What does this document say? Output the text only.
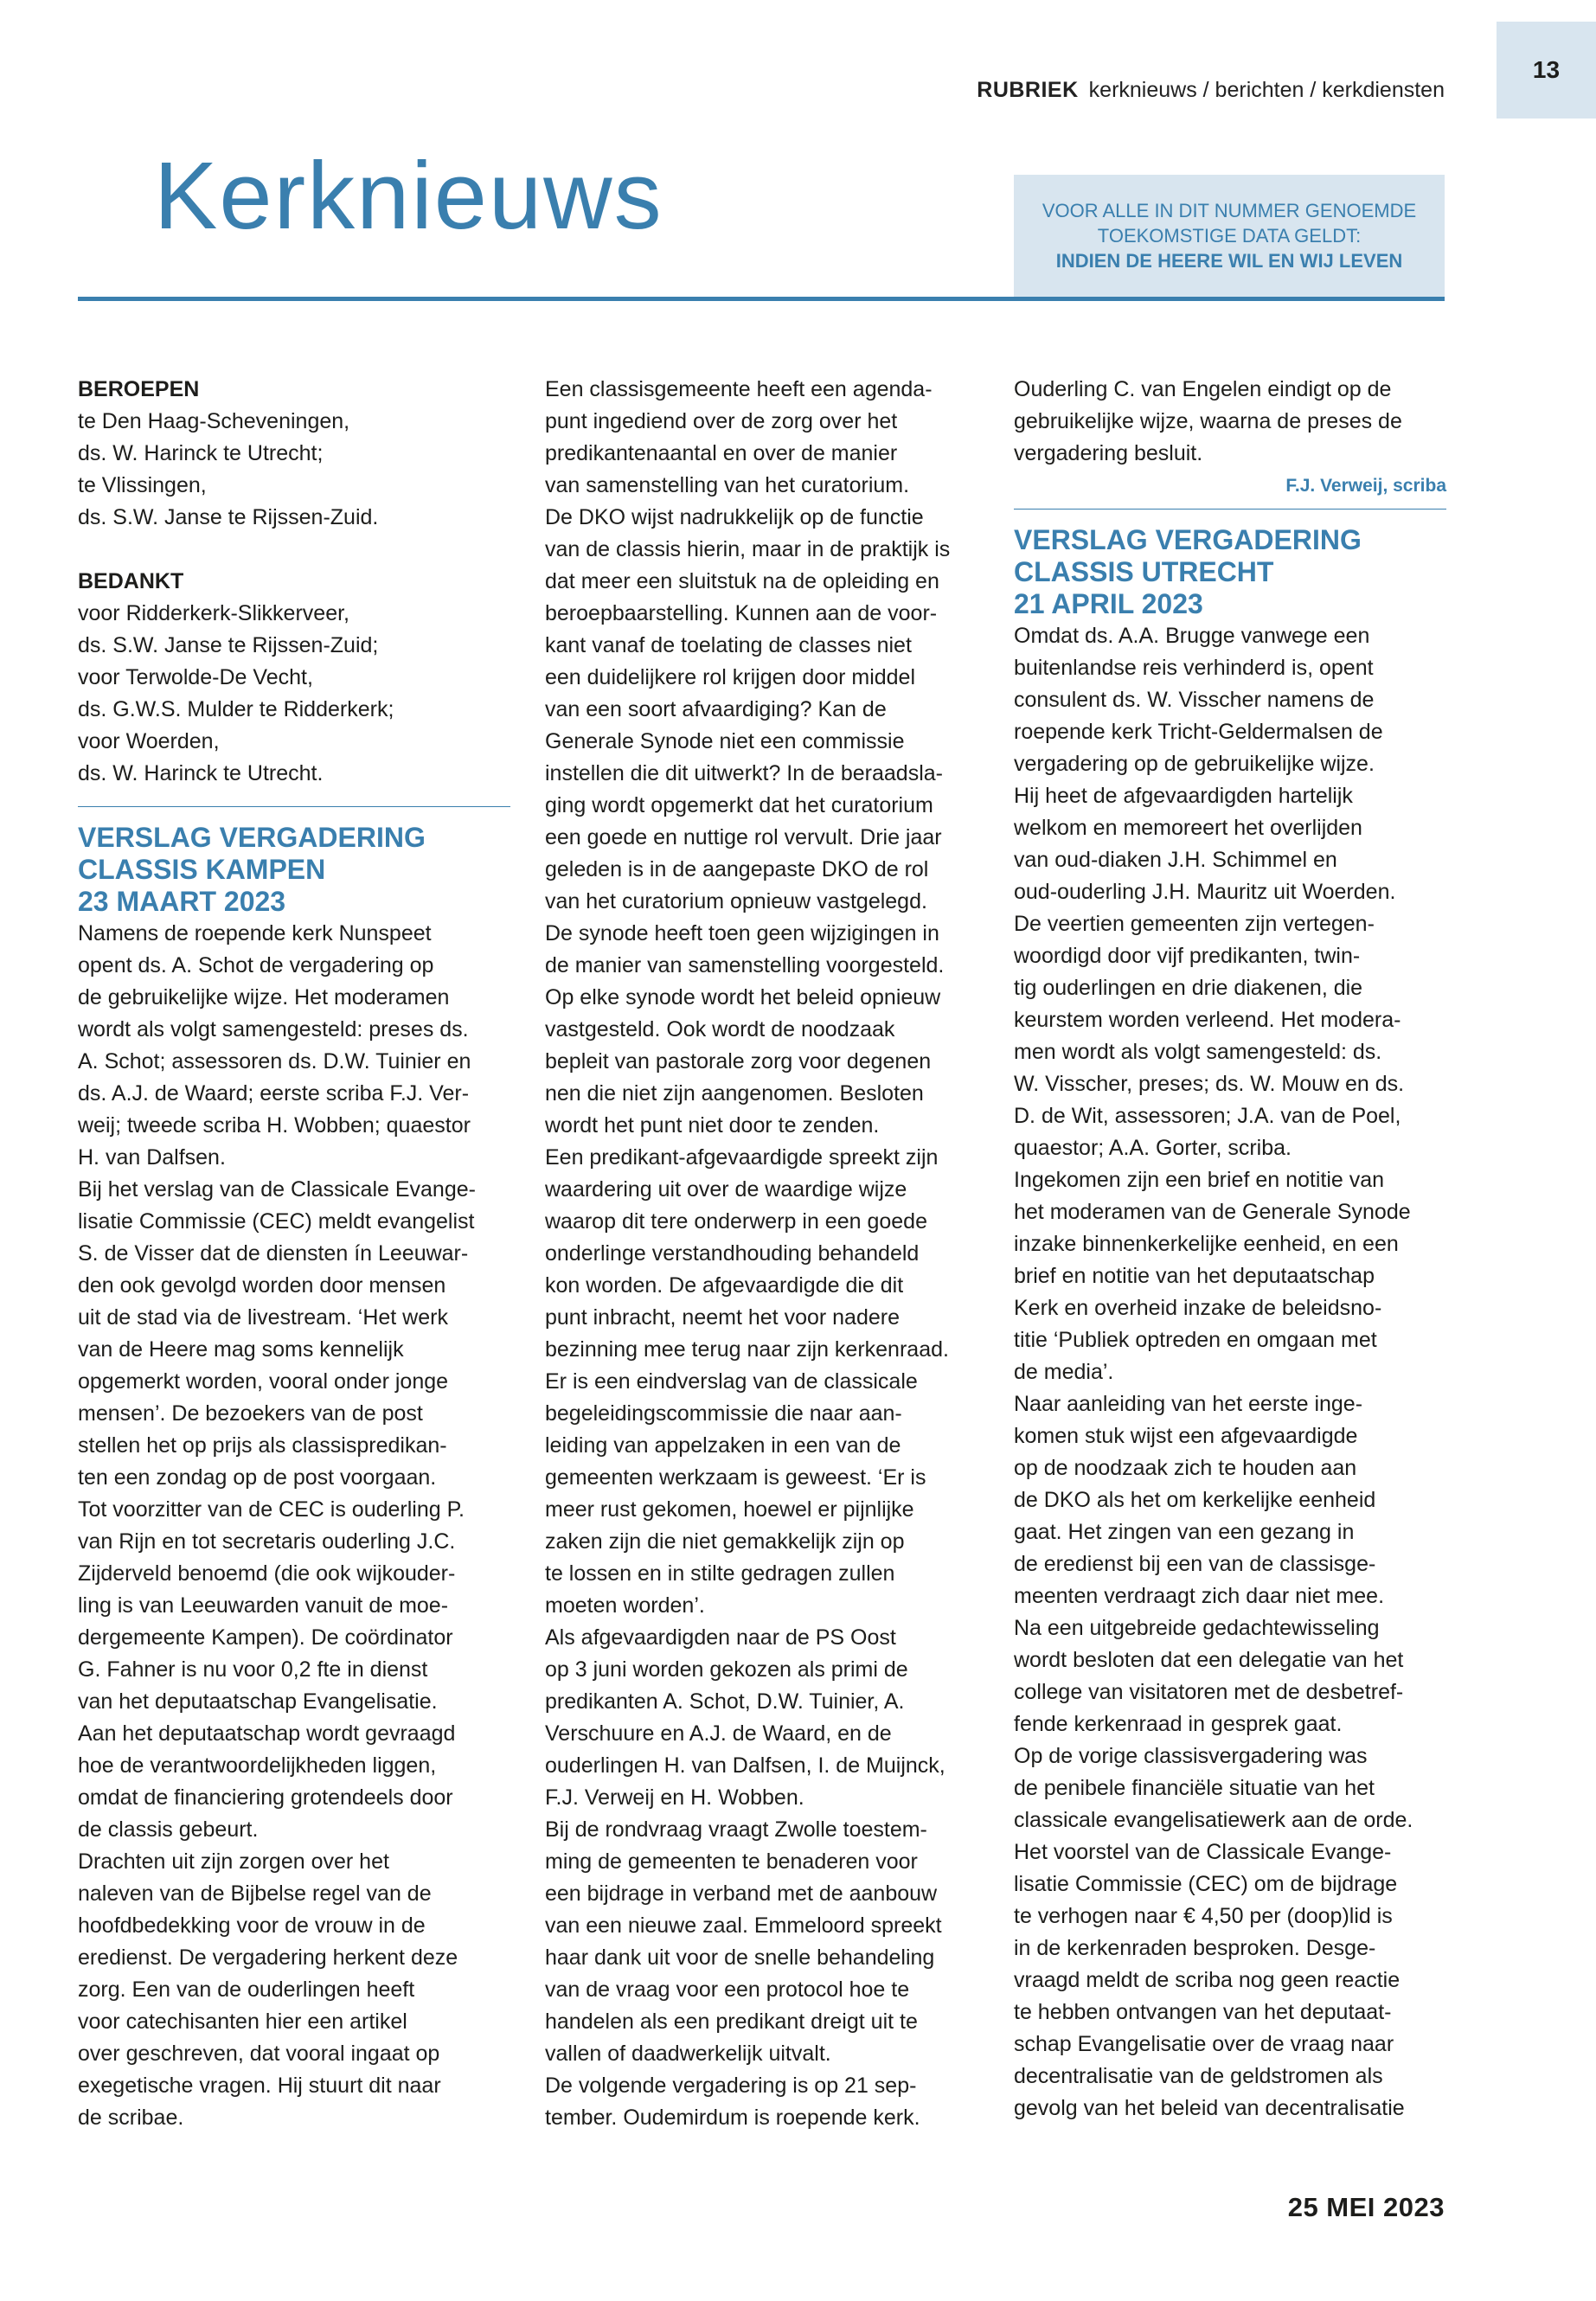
RUBRIEK kerknieuws / berichten / kerkdiensten
13
Kerknieuws	VOOR ALLE IN DIT NUMMER GENOEMDE
TOEKOMSTIGE DATA GELDT:
INDIEN DE HEERE WIL EN WIJ LEVEN

BEROEPEN

te Den Haag-Scheveningen,

ds. W. Harinck te Utrecht;

te Vlissingen,

ds. S.W. Janse te Rijssen-Zuid.

BEDANKT

voor Ridderkerk-Slikkerveer,

ds. S.W. Janse te Rijssen-Zuid;

voor Terwolde-De Vecht,

ds. G.W.S. Mulder te Ridderkerk;

voor Woerden,

ds. W. Harinck te Utrecht.

VERSLAG VERGADERING

CLASSIS KAMPEN

23 MAART 2023

Namens de roepende kerk Nunspeet

opent ds. A. Schot de vergadering op

de gebruikelijke wijze. Het moderamen

wordt als volgt samengesteld: preses ds.

A. Schot; assessoren ds. D.W. Tuinier en

ds. A.J. de Waard; eerste scriba F.J. Ver-

weij; tweede scriba H. Wobben; quaestor

H. van Dalfsen.

Bij het verslag van de Classicale Evange-

lisatie Commissie (CEC) meldt evangelist

S. de Visser dat de diensten ín Leeuwar-

den ook gevolgd worden door mensen

uit de stad via de livestream. ‘Het werk

van de Heere mag soms kennelijk

opgemerkt worden, vooral onder jonge

mensen’. De bezoekers van de post

stellen het op prijs als classispredikan-

ten een zondag op de post voorgaan.

Tot voorzitter van de CEC is ouderling P.

van Rijn en tot secretaris ouderling J.C.

Zijderveld benoemd (die ook wijkouder-

ling is van Leeuwarden vanuit de moe-

dergemeente Kampen). De coördinator

G. Fahner is nu voor 0,2 fte in dienst

van het deputaatschap Evangelisatie.

Aan het deputaatschap wordt gevraagd

hoe de verantwoordelijkheden liggen,

omdat de financiering grotendeels door

de classis gebeurt.

Drachten uit zijn zorgen over het

naleven van de Bijbelse regel van de

hoofdbedekking voor de vrouw in de

eredienst. De vergadering herkent deze

zorg. Een van de ouderlingen heeft

voor catechisanten hier een artikel

over geschreven, dat vooral ingaat op

exegetische vragen. Hij stuurt dit naar

de scribae.

Een classisgemeente heeft een agenda-

punt ingediend over de zorg over het

predikantenaantal en over de manier

van samenstelling van het curatorium.

De DKO wijst nadrukkelijk op de functie

van de classis hierin, maar in de praktijk is

dat meer een sluitstuk na de opleiding en

beroepbaarstelling. Kunnen aan de voor-

kant vanaf de toelating de classes niet

een duidelijkere rol krijgen door middel

van een soort afvaardiging? Kan de

Generale Synode niet een commissie

instellen die dit uitwerkt? In de beraadsla-

ging wordt opgemerkt dat het curatorium

een goede en nuttige rol vervult. Drie jaar

geleden is in de aangepaste DKO de rol

van het curatorium opnieuw vastgelegd.

De synode heeft toen geen wijzigingen in

de manier van samenstelling voorgesteld.

Op elke synode wordt het beleid opnieuw

vastgesteld. Ook wordt de noodzaak

bepleit van pastorale zorg voor degenen

nen die niet zijn aangenomen. Besloten

wordt het punt niet door te zenden.

Een predikant-afgevaardigde spreekt zijn

waardering uit over de waardige wijze

waarop dit tere onderwerp in een goede

onderlinge verstandhouding behandeld

kon worden. De afgevaardigde die dit

punt inbracht, neemt het voor nadere

bezinning mee terug naar zijn kerkenraad.

Er is een eindverslag van de classicale

begeleidingscommissie die naar aan-

leiding van appelzaken in een van de

gemeenten werkzaam is geweest. ‘Er is

meer rust gekomen, hoewel er pijnlijke

zaken zijn die niet gemakkelijk zijn op

te lossen en in stilte gedragen zullen

moeten worden’.

Als afgevaardigden naar de PS Oost

op 3 juni worden gekozen als primi de

predikanten A. Schot, D.W. Tuinier, A.

Verschuure en A.J. de Waard, en de

ouderlingen H. van Dalfsen, I. de Muijnck,

F.J. Verweij en H. Wobben.

Bij de rondvraag vraagt Zwolle toestem-

ming de gemeenten te benaderen voor

een bijdrage in verband met de aanbouw

van een nieuwe zaal. Emmeloord spreekt

haar dank uit voor de snelle behandeling

van de vraag voor een protocol hoe te

handelen als een predikant dreigt uit te

vallen of daadwerkelijk uitvalt.

De volgende vergadering is op 21 sep-

tember. Oudemirdum is roepende kerk.

Ouderling C. van Engelen eindigt op de

gebruikelijke wijze, waarna de preses de

vergadering besluit.

F.J. Verweij, scriba

VERSLAG VERGADERING

CLASSIS UTRECHT

21 APRIL 2023

Omdat ds. A.A. Brugge vanwege een

buitenlandse reis verhinderd is, opent

consulent ds. W. Visscher namens de

roepende kerk Tricht-Geldermalsen de

vergadering op de gebruikelijke wijze.

Hij heet de afgevaardigden hartelijk

welkom en memoreert het overlijden

van oud-diaken J.H. Schimmel en

oud-ouderling J.H. Mauritz uit Woerden.

De veertien gemeenten zijn vertegen-

woordigd door vijf predikanten, twin-

tig ouderlingen en drie diakenen, die

keurstem worden verleend. Het modera-

men wordt als volgt samengesteld: ds.

W. Visscher, preses; ds. W. Mouw en ds.

D. de Wit, assessoren; J.A. van de Poel,

quaestor; A.A. Gorter, scriba.

Ingekomen zijn een brief en notitie van

het moderamen van de Generale Synode

inzake binnenkerkelijke eenheid, en een

brief en notitie van het deputaatschap

Kerk en overheid inzake de beleidsno-

titie ‘Publiek optreden en omgaan met

de media’.

Naar aanleiding van het eerste inge-

komen stuk wijst een afgevaardigde

op de noodzaak zich te houden aan

de DKO als het om kerkelijke eenheid

gaat. Het zingen van een gezang in

de eredienst bij een van de classisge-

meenten verdraagt zich daar niet mee.

Na een uitgebreide gedachtewisseling

wordt besloten dat een delegatie van het

college van visitatoren met de desbetref-

fende kerkenraad in gesprek gaat.

Op de vorige classisvergadering was

de penibele financiële situatie van het

classicale evangelisatiewerk aan de orde.

Het voorstel van de Classicale Evange-

lisatie Commissie (CEC) om de bijdrage

te verhogen naar € 4,50 per (doop)lid is

in de kerkenraden besproken. Desge-

vraagd meldt de scriba nog geen reactie

te hebben ontvangen van het deputaat-

schap Evangelisatie over de vraag naar

decentralisatie van de geldstromen als

gevolg van het beleid van decentralisatie

25 MEI 2023
